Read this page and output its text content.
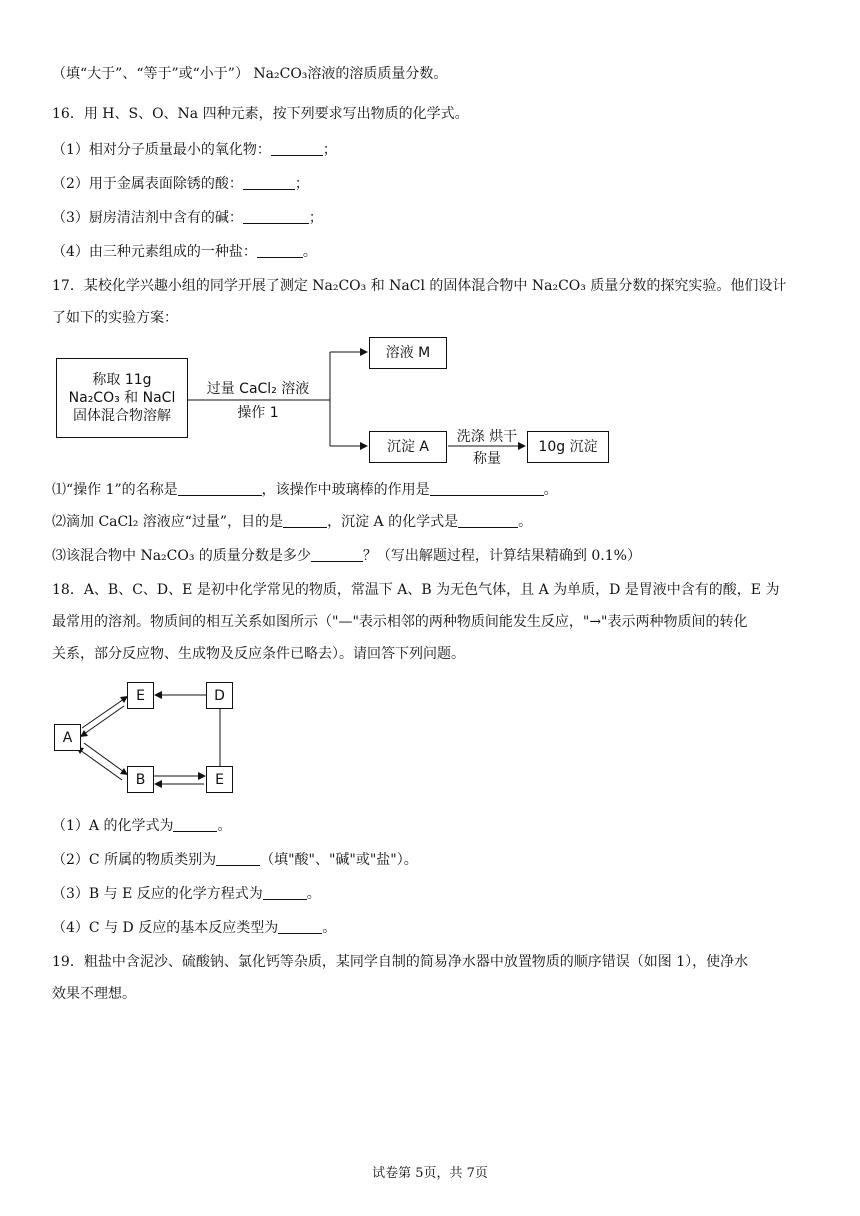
（填“大于”、“等于”或“小于”） Na₂CO₃溶液的溶质质量分数。
16．用 H、S、O、Na 四种元素，按下列要求写出物质的化学式。
（1）相对分子质量最小的氧化物：	；
（2）用于金属表面除锈的酸：	；
（3）厨房清洁剂中含有的碱：	；
（4）由三种元素组成的一种盐：	。
17．某校化学兴趣小组的同学开展了测定 Na₂CO₃ 和 NaCl 的固体混合物中 Na₂CO₃ 质量分数的探究实验。他们设计
了如下的实验方案：
称取 11g
Na₂CO₃ 和 NaCl
固体混合物溶解
过量 CaCl₂ 溶液
操作 1
溶液 M
沉淀 A
洗涤 烘干
称量
10g 沉淀
⑴“操作 1”的名称是	，该操作中玻璃棒的作用是	。
⑵滴加 CaCl₂ 溶液应“过量”，目的是	，沉淀 A 的化学式是	。
⑶该混合物中 Na₂CO₃ 的质量分数是多少	？（写出解题过程，计算结果精确到 0.1%）
18．A、B、C、D、E 是初中化学常见的物质，常温下 A、B 为无色气体，且 A 为单质，D 是胃液中含有的酸，E 为
最常用的溶剂。物质间的相互关系如图所示（"—"表示相邻的两种物质间能发生反应，"→"表示两种物质间的转化
关系，部分反应物、生成物及反应条件已略去）。请回答下列问题。
E	D
A
B	E
（1）A 的化学式为	。
（2）C 所属的物质类别为	（填"酸"、"碱"或"盐"）。
（3）B 与 E 反应的化学方程式为	。
（4）C 与 D 反应的基本反应类型为	。
19．粗盐中含泥沙、硫酸钠、氯化钙等杂质，某同学自制的简易净水器中放置物质的顺序错误（如图 1），使净水
效果不理想。
试卷第 5页，共 7页
